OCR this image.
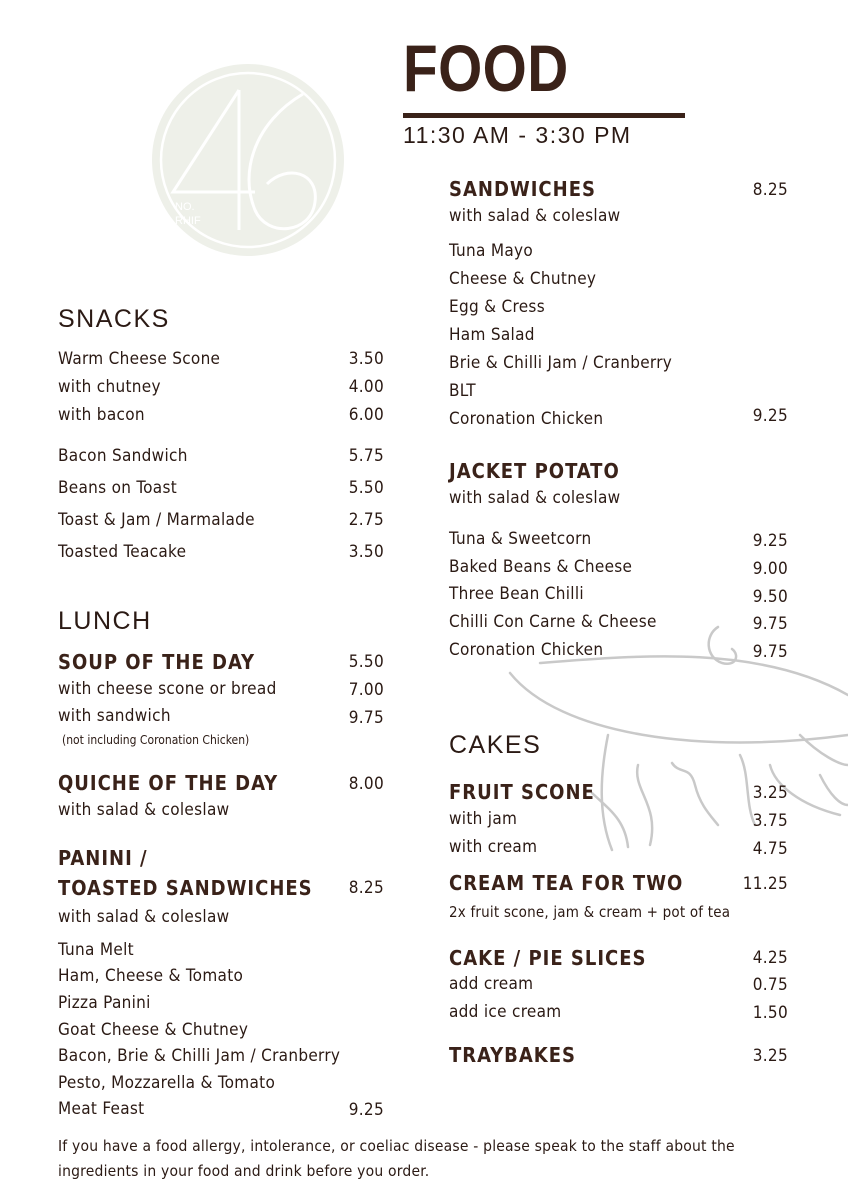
NO.
RHIF
FOOD
11:30 AM - 3:30 PM
SNACKS
Warm Cheese Scone	3.50
with chutney	4.00
with bacon	6.00
Bacon Sandwich	5.75
Beans on Toast	5.50
Toast & Jam / Marmalade	2.75
Toasted Teacake	3.50
LUNCH
SOUP OF THE DAY	5.50
with cheese scone or bread	7.00
with sandwich	9.75
(not including Coronation Chicken)
QUICHE OF THE DAY	8.00
with salad & coleslaw
PANINI /
TOASTED SANDWICHES	8.25
with salad & coleslaw
Tuna Melt
Ham, Cheese & Tomato
Pizza Panini
Goat Cheese & Chutney
Bacon, Brie & Chilli Jam / Cranberry
Pesto, Mozzarella & Tomato
Meat Feast	9.25
SANDWICHES	8.25
with salad & coleslaw
Tuna Mayo
Cheese & Chutney
Egg & Cress
Ham Salad
Brie & Chilli Jam / Cranberry
BLT
Coronation Chicken	9.25
JACKET POTATO
with salad & coleslaw
Tuna & Sweetcorn	9.25
Baked Beans & Cheese	9.00
Three Bean Chilli	9.50
Chilli Con Carne & Cheese	9.75
Coronation Chicken	9.75
CAKES
FRUIT SCONE	3.25
with jam	3.75
with cream	4.75
CREAM TEA FOR TWO	11.25
2x fruit scone, jam & cream + pot of tea
CAKE / PIE SLICES	4.25
add cream	0.75
add ice cream	1.50
TRAYBAKES	3.25
If you have a food allergy, intolerance, or coeliac disease - please speak to the staff about the
ingredients in your food and drink before you order.
